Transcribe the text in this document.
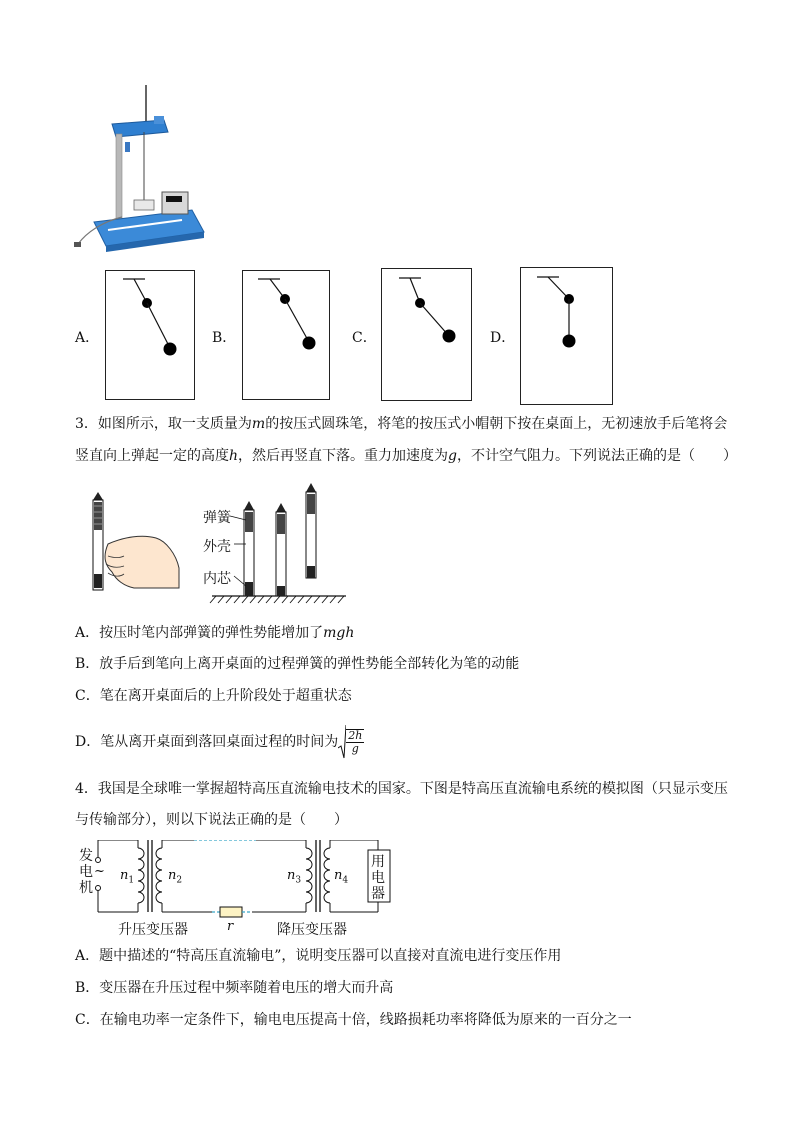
A．	B．	C．	D．
3．如图所示，取一支质量为m的按压式圆珠笔，将笔的按压式小帽朝下按在桌面上，无初速放手后笔将会
竖直向上弹起一定的高度h，然后再竖直下落。重力加速度为g，不计空气阻力。下列说法正确的是（　　）
弹簧
外壳
内芯
A．按压时笔内部弹簧的弹性势能增加了mgh
B．放手后到笔向上离开桌面的过程弹簧的弹性势能全部转化为笔的动能
C．笔在离开桌面后的上升阶段处于超重状态
D．笔从离开桌面到落回桌面过程的时间为 $\frac{2h}{g}$
4．我国是全球唯一掌握超特高压直流输电技术的国家。下图是特高压直流输电系统的模拟图（只显示变压
与传输部分），则以下说法正确的是（　　）
发
电
机
~ $n_1$	$n_2$	$n_3$	$n_4$
r
升压变压器	降压变压器
用
电
器
A．题中描述的“特高压直流输电”，说明变压器可以直接对直流电进行变压作用
B．变压器在升压过程中频率随着电压的增大而升高
C．在输电功率一定条件下，输电电压提高十倍，线路损耗功率将降低为原来的一百分之一
